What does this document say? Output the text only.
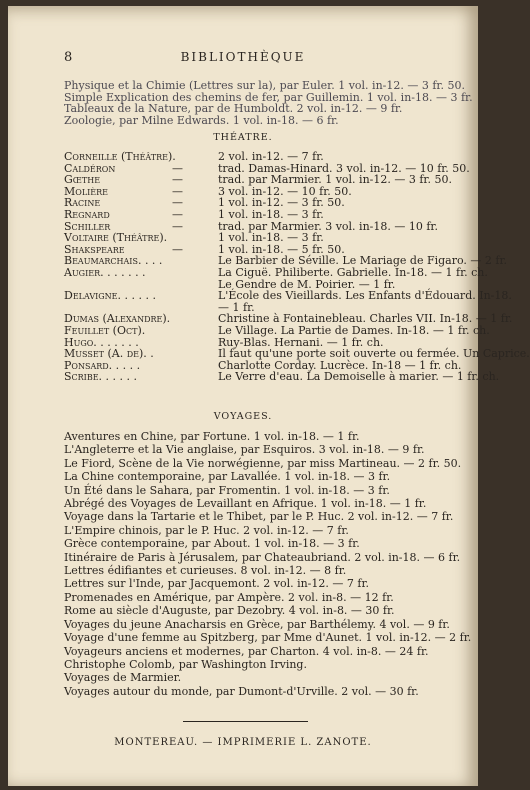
8	BIBLIOTHÈQUE
Physique et la Chimie (Lettres sur la), par Euler. 1 vol. in-12. — 3 fr. 50.
Simple Explication des chemins de fer, par Guillemin. 1 vol. in-18. — 3 fr.
Tableaux de la Nature, par de Humboldt. 2 vol. in-12. — 9 fr.
Zoologie, par Milne Edwards. 1 vol. in-18. — 6 fr.
THÉATRE.
Corneille (Théâtre).	2 vol. in-12. — 7 fr.
Caldéron	—	trad. Damas-Hinard. 3 vol. in-12. — 10 fr. 50.
Gœthe	—	trad. par Marmier. 1 vol. in-12. — 3 fr. 50.
Molière	—	3 vol. in-12. — 10 fr. 50.
Racine	—	1 vol. in-12. — 3 fr. 50.
Regnard	—	1 vol. in-18. — 3 fr.
Schiller	—	trad. par Marmier. 3 vol. in-18. — 10 fr.
Voltaire (Théâtre).	1 vol. in-18. — 3 fr.
Shakspeare	—	1 vol. in-18. — 5 fr. 50.
Beaumarchais. . . .	Le Barbier de Séville. Le Mariage de Figaro. — 2 fr.
Augier. . . . . . .	La Ciguë. Philiberte. Gabrielle. In-18. — 1 fr. ch.
Le Gendre de M. Poirier. — 1 fr.
Delavigne. . . . . .	L'École des Vieillards. Les Enfants d'Édouard. In-18.
— 1 fr.
Dumas (Alexandre).	Christine à Fontainebleau. Charles VII. In-18. — 1 fr.
Feuillet (Oct).	Le Village. La Partie de Dames. In-18. — 1 fr. ch.
Hugo. . . . . . .	Ruy-Blas. Hernani. — 1 fr. ch.
Musset (A. de). .	Il faut qu'une porte soit ouverte ou fermée. Un Caprice.
Ponsard. . . . .	Charlotte Corday. Lucrèce. In-18 — 1 fr. ch.
Scribe. . . . . .	Le Verre d'eau. La Demoiselle à marier. — 1 fr. ch.
VOYAGES.
Aventures en Chine, par Fortune. 1 vol. in-18. — 1 fr.
L'Angleterre et la Vie anglaise, par Esquiros. 3 vol. in-18. — 9 fr.
Le Fiord, Scène de la Vie norwégienne, par miss Martineau. — 2 fr. 50.
La Chine contemporaine, par Lavallée. 1 vol. in-18. — 3 fr.
Un Été dans le Sahara, par Fromentin. 1 vol. in-18. — 3 fr.
Abrégé des Voyages de Levaillant en Afrique. 1 vol. in-18. — 1 fr.
Voyage dans la Tartarie et le Thibet, par le P. Huc. 2 vol. in-12. — 7 fr.
L'Empire chinois, par le P. Huc. 2 vol. in-12. — 7 fr.
Grèce contemporaine, par About. 1 vol. in-18. — 3 fr.
Itinéraire de Paris à Jérusalem, par Chateaubriand. 2 vol. in-18. — 6 fr.
Lettres édifiantes et curieuses. 8 vol. in-12. — 8 fr.
Lettres sur l'Inde, par Jacquemont. 2 vol. in-12. — 7 fr.
Promenades en Amérique, par Ampère. 2 vol. in-8. — 12 fr.
Rome au siècle d'Auguste, par Dezobry. 4 vol. in-8. — 30 fr.
Voyages du jeune Anacharsis en Grèce, par Barthélemy. 4 vol. — 9 fr.
Voyage d'une femme au Spitzberg, par Mme d'Aunet. 1 vol. in-12. — 2 fr.
Voyageurs anciens et modernes, par Charton. 4 vol. in-8. — 24 fr.
Christophe Colomb, par Washington Irving.
Voyages de Marmier.
Voyages autour du monde, par Dumont-d'Urville. 2 vol. — 30 fr.
MONTEREAU. — IMPRIMERIE L. ZANOTE.
